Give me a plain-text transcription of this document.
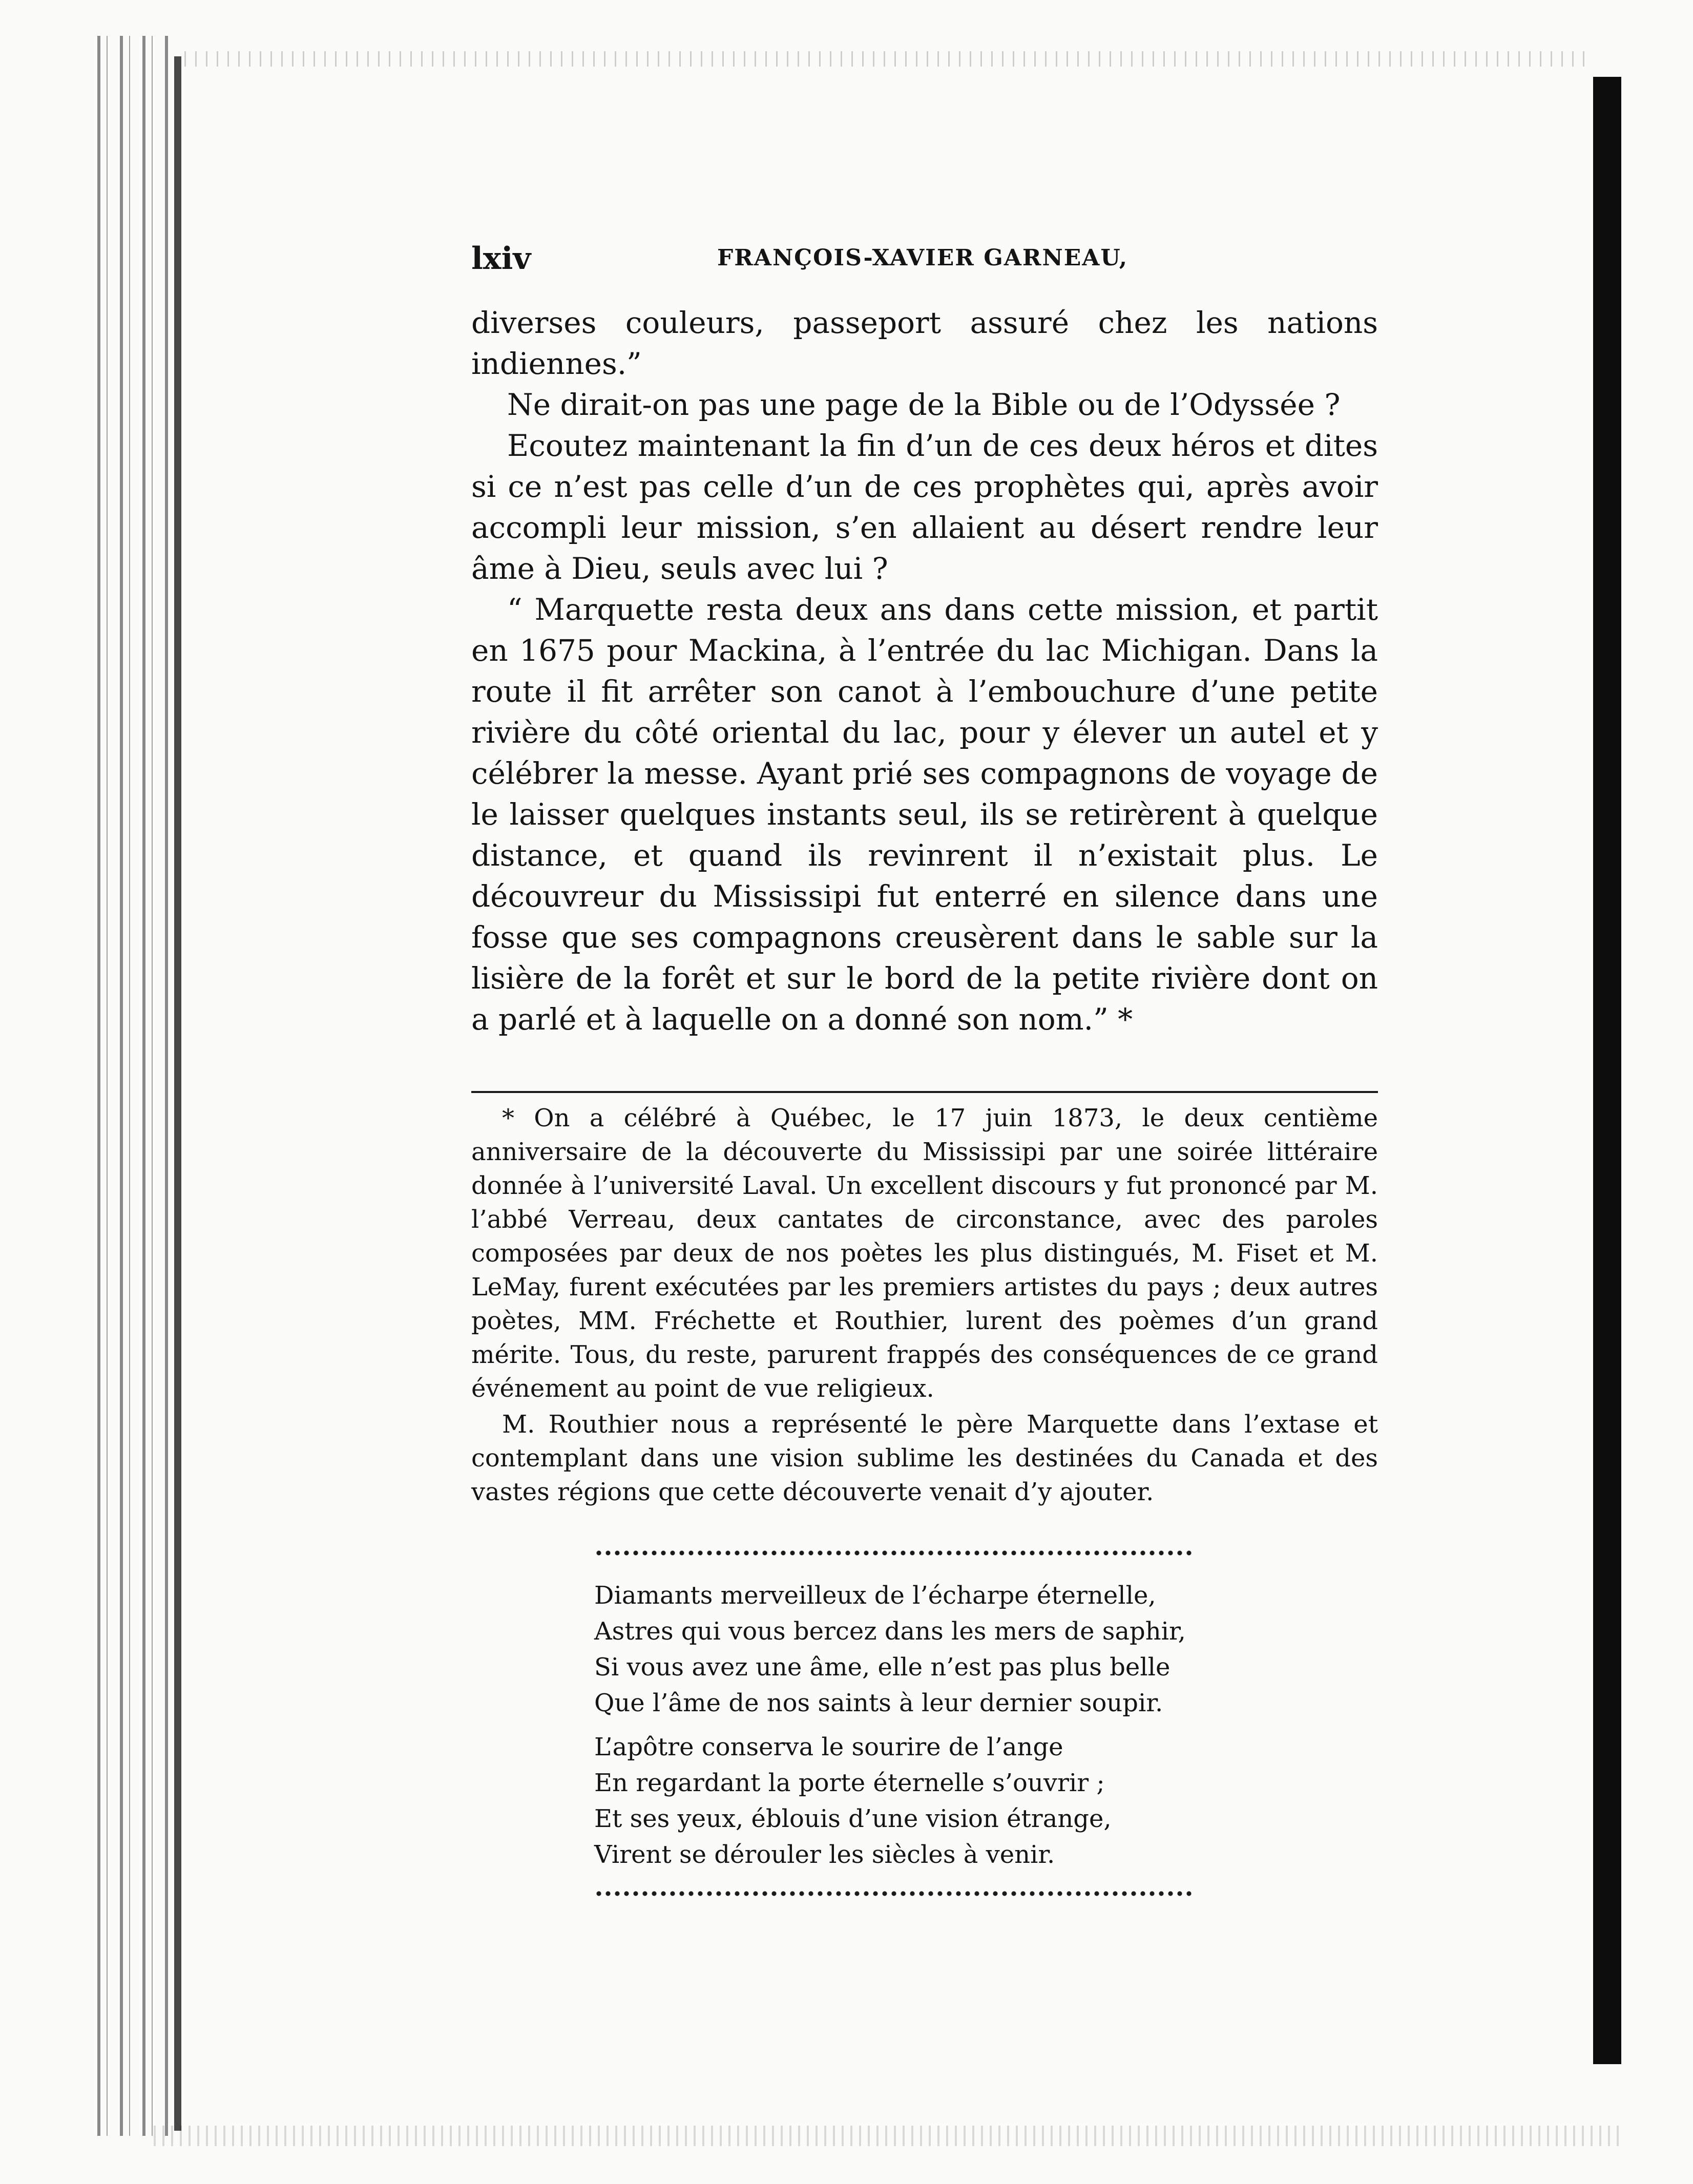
lxiv	FRANÇOIS-XAVIER GARNEAU,

diverses couleurs, passeport assuré chez les nations indiennes.”

Ne dirait-on pas une page de la Bible ou de l’Odyssée ?

Ecoutez maintenant la fin d’un de ces deux héros et dites si ce n’est pas celle d’un de ces prophètes qui, après avoir accompli leur mission, s’en allaient au désert rendre leur âme à Dieu, seuls avec lui ?

“ Marquette resta deux ans dans cette mission, et partit en 1675 pour Mackina, à l’entrée du lac Michigan. Dans la route il fit arrêter son canot à l’embouchure d’une petite rivière du côté oriental du lac, pour y élever un autel et y célébrer la messe. Ayant prié ses compagnons de voyage de le laisser quelques instants seul, ils se retirèrent à quelque distance, et quand ils revinrent il n’existait plus. Le découvreur du Mississipi fut enterré en silence dans une fosse que ses compagnons creusèrent dans le sable sur la lisière de la forêt et sur le bord de la petite rivière dont on a parlé et à laquelle on a donné son nom.” *

* On a célébré à Québec, le 17 juin 1873, le deux centième anniversaire de la découverte du Mississipi par une soirée littéraire donnée à l’université Laval. Un excellent discours y fut prononcé par M. l’abbé Verreau, deux cantates de circonstance, avec des paroles composées par deux de nos poètes les plus distingués, M. Fiset et M. LeMay, furent exécutées par les premiers artistes du pays ; deux autres poètes, MM. Fréchette et Routhier, lurent des poèmes d’un grand mérite. Tous, du reste, parurent frappés des conséquences de ce grand événement au point de vue religieux.

M. Routhier nous a représenté le père Marquette dans l’extase et contemplant dans une vision sublime les destinées du Canada et des vastes régions que cette découverte venait d’y ajouter.

Diamants merveilleux de l’écharpe éternelle,
Astres qui vous bercez dans les mers de saphir,
Si vous avez une âme, elle n’est pas plus belle
Que l’âme de nos saints à leur dernier soupir.
L’apôtre conserva le sourire de l’ange
En regardant la porte éternelle s’ouvrir ;
Et ses yeux, éblouis d’une vision étrange,
Virent se dérouler les siècles à venir.
